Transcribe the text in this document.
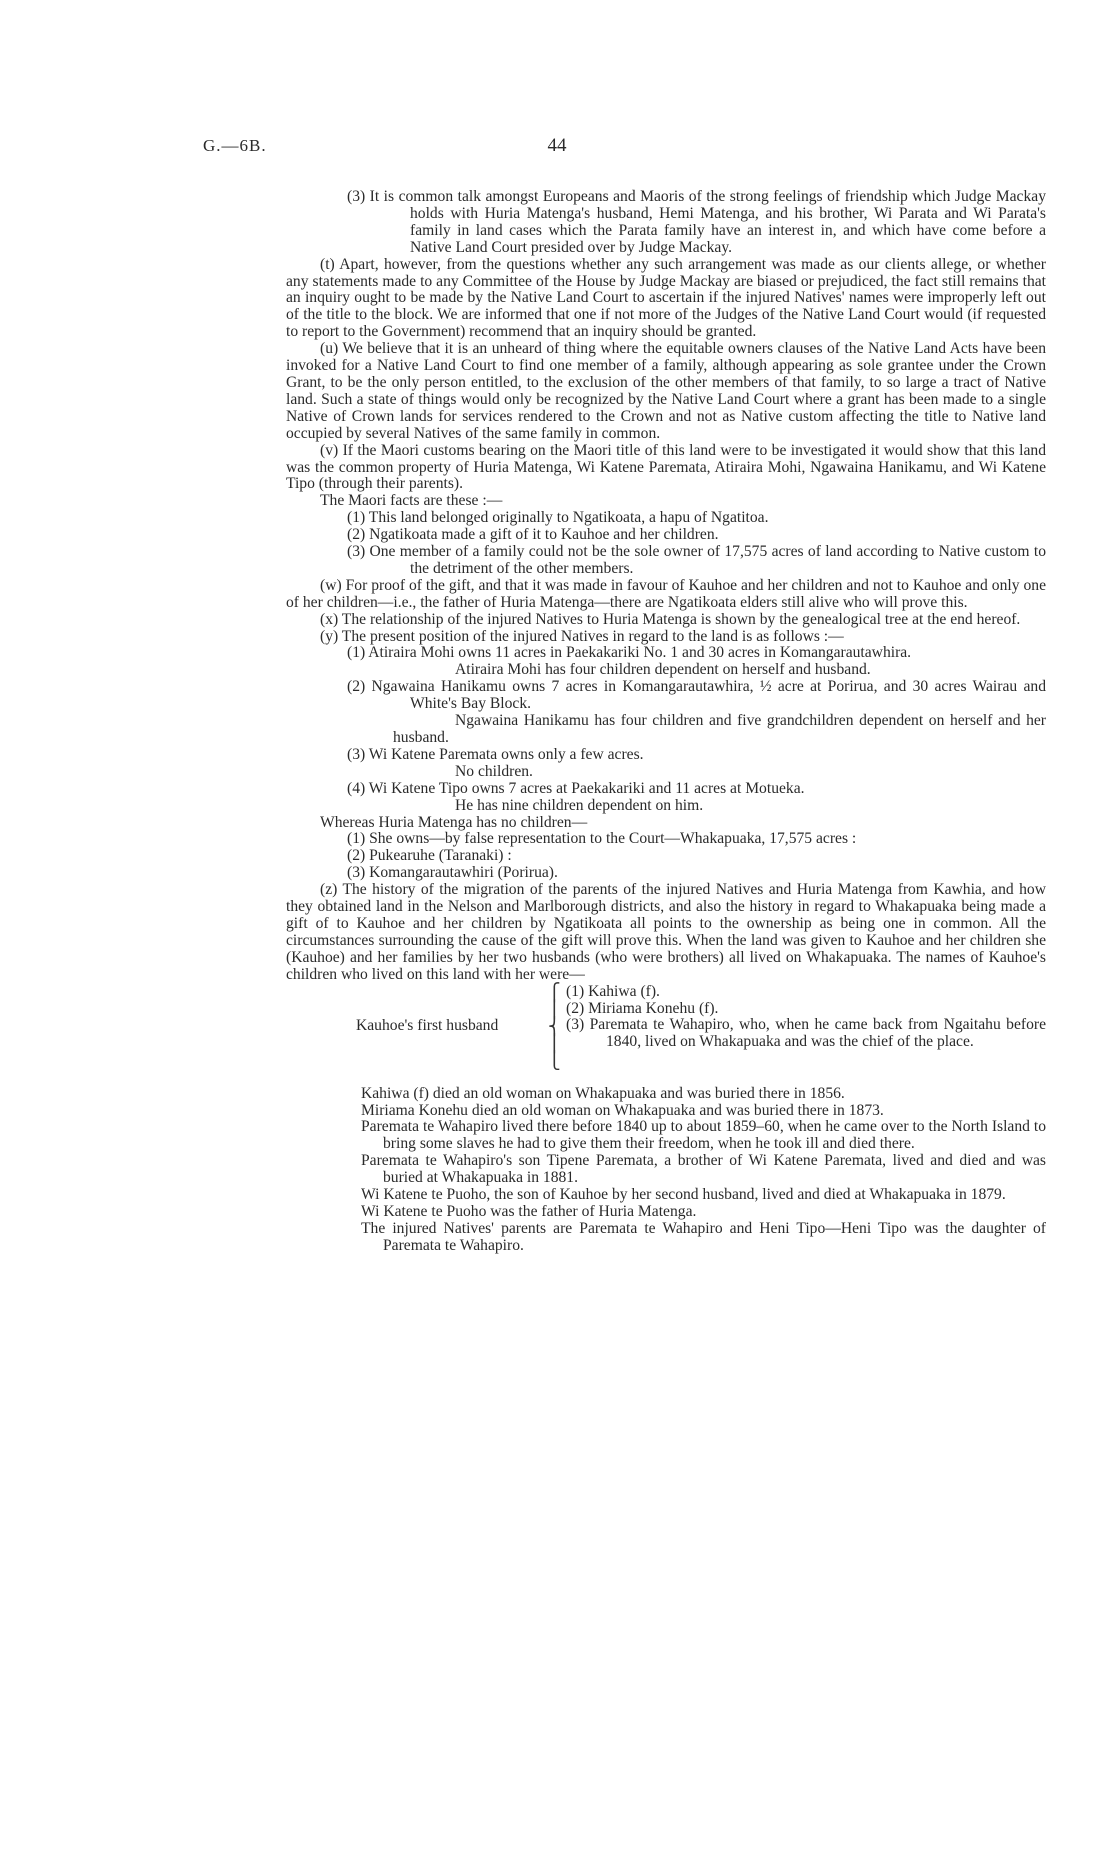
G.—6B.	44

(3) It is common talk amongst Europeans and Maoris of the strong feelings of friendship which Judge Mackay holds with Huria Matenga's husband, Hemi Matenga, and his brother, Wi Parata and Wi Parata's family in land cases which the Parata family have an interest in, and which have come before a Native Land Court presided over by Judge Mackay.

(t) Apart, however, from the questions whether any such arrangement was made as our clients allege, or whether any statements made to any Committee of the House by Judge Mackay are biased or prejudiced, the fact still remains that an inquiry ought to be made by the Native Land Court to ascertain if the injured Natives' names were improperly left out of the title to the block. We are informed that one if not more of the Judges of the Native Land Court would (if requested to report to the Government) recommend that an inquiry should be granted.

(u) We believe that it is an unheard of thing where the equitable owners clauses of the Native Land Acts have been invoked for a Native Land Court to find one member of a family, although appearing as sole grantee under the Crown Grant, to be the only person entitled, to the exclusion of the other members of that family, to so large a tract of Native land. Such a state of things would only be recognized by the Native Land Court where a grant has been made to a single Native of Crown lands for services rendered to the Crown and not as Native custom affecting the title to Native land occupied by several Natives of the same family in common.

(v) If the Maori customs bearing on the Maori title of this land were to be investigated it would show that this land was the common property of Huria Matenga, Wi Katene Paremata, Atiraira Mohi, Ngawaina Hanikamu, and Wi Katene Tipo (through their parents).

The Maori facts are these :—

(1) This land belonged originally to Ngatikoata, a hapu of Ngatitoa.

(2) Ngatikoata made a gift of it to Kauhoe and her children.

(3) One member of a family could not be the sole owner of 17,575 acres of land according to Native custom to the detriment of the other members.

(w) For proof of the gift, and that it was made in favour of Kauhoe and her children and not to Kauhoe and only one of her children—i.e., the father of Huria Matenga—there are Ngatikoata elders still alive who will prove this.

(x) The relationship of the injured Natives to Huria Matenga is shown by the genealogical tree at the end hereof.

(y) The present position of the injured Natives in regard to the land is as follows :—

(1) Atiraira Mohi owns 11 acres in Paekakariki No. 1 and 30 acres in Komangarautawhira.

Atiraira Mohi has four children dependent on herself and husband.

(2) Ngawaina Hanikamu owns 7 acres in Komangarautawhira, ½ acre at Porirua, and 30 acres Wairau and White's Bay Block.

Ngawaina Hanikamu has four children and five grandchildren dependent on herself and her husband.

(3) Wi Katene Paremata owns only a few acres.

No children.

(4) Wi Katene Tipo owns 7 acres at Paekakariki and 11 acres at Motueka.

He has nine children dependent on him.

Whereas Huria Matenga has no children—

(1) She owns—by false representation to the Court—Whakapuaka, 17,575 acres :

(2) Pukearuhe (Taranaki) :

(3) Komangarautawhiri (Porirua).

(z) The history of the migration of the parents of the injured Natives and Huria Matenga from Kawhia, and how they obtained land in the Nelson and Marlborough districts, and also the history in regard to Whakapuaka being made a gift of to Kauhoe and her children by Ngatikoata all points to the ownership as being one in common. All the circumstances surrounding the cause of the gift will prove this. When the land was given to Kauhoe and her children she (Kauhoe) and her families by her two husbands (who were brothers) all lived on Whakapuaka. The names of Kauhoe's children who lived on this land with her were—

Kauhoe's first husband
⎧
⎪
⎨
⎪
⎩

(1) Kahiwa (f).

(2) Miriama Konehu (f).

(3) Paremata te Wahapiro, who, when he came back from Ngaitahu before 1840, lived on Whakapuaka and was the chief of the place.

Kahiwa (f) died an old woman on Whakapuaka and was buried there in 1856.

Miriama Konehu died an old woman on Whakapuaka and was buried there in 1873.

Paremata te Wahapiro lived there before 1840 up to about 1859–60, when he came over to the North Island to bring some slaves he had to give them their freedom, when he took ill and died there.

Paremata te Wahapiro's son Tipene Paremata, a brother of Wi Katene Paremata, lived and died and was buried at Whakapuaka in 1881.

Wi Katene te Puoho, the son of Kauhoe by her second husband, lived and died at Whakapuaka in 1879.

Wi Katene te Puoho was the father of Huria Matenga.

The injured Natives' parents are Paremata te Wahapiro and Heni Tipo—Heni Tipo was the daughter of Paremata te Wahapiro.
